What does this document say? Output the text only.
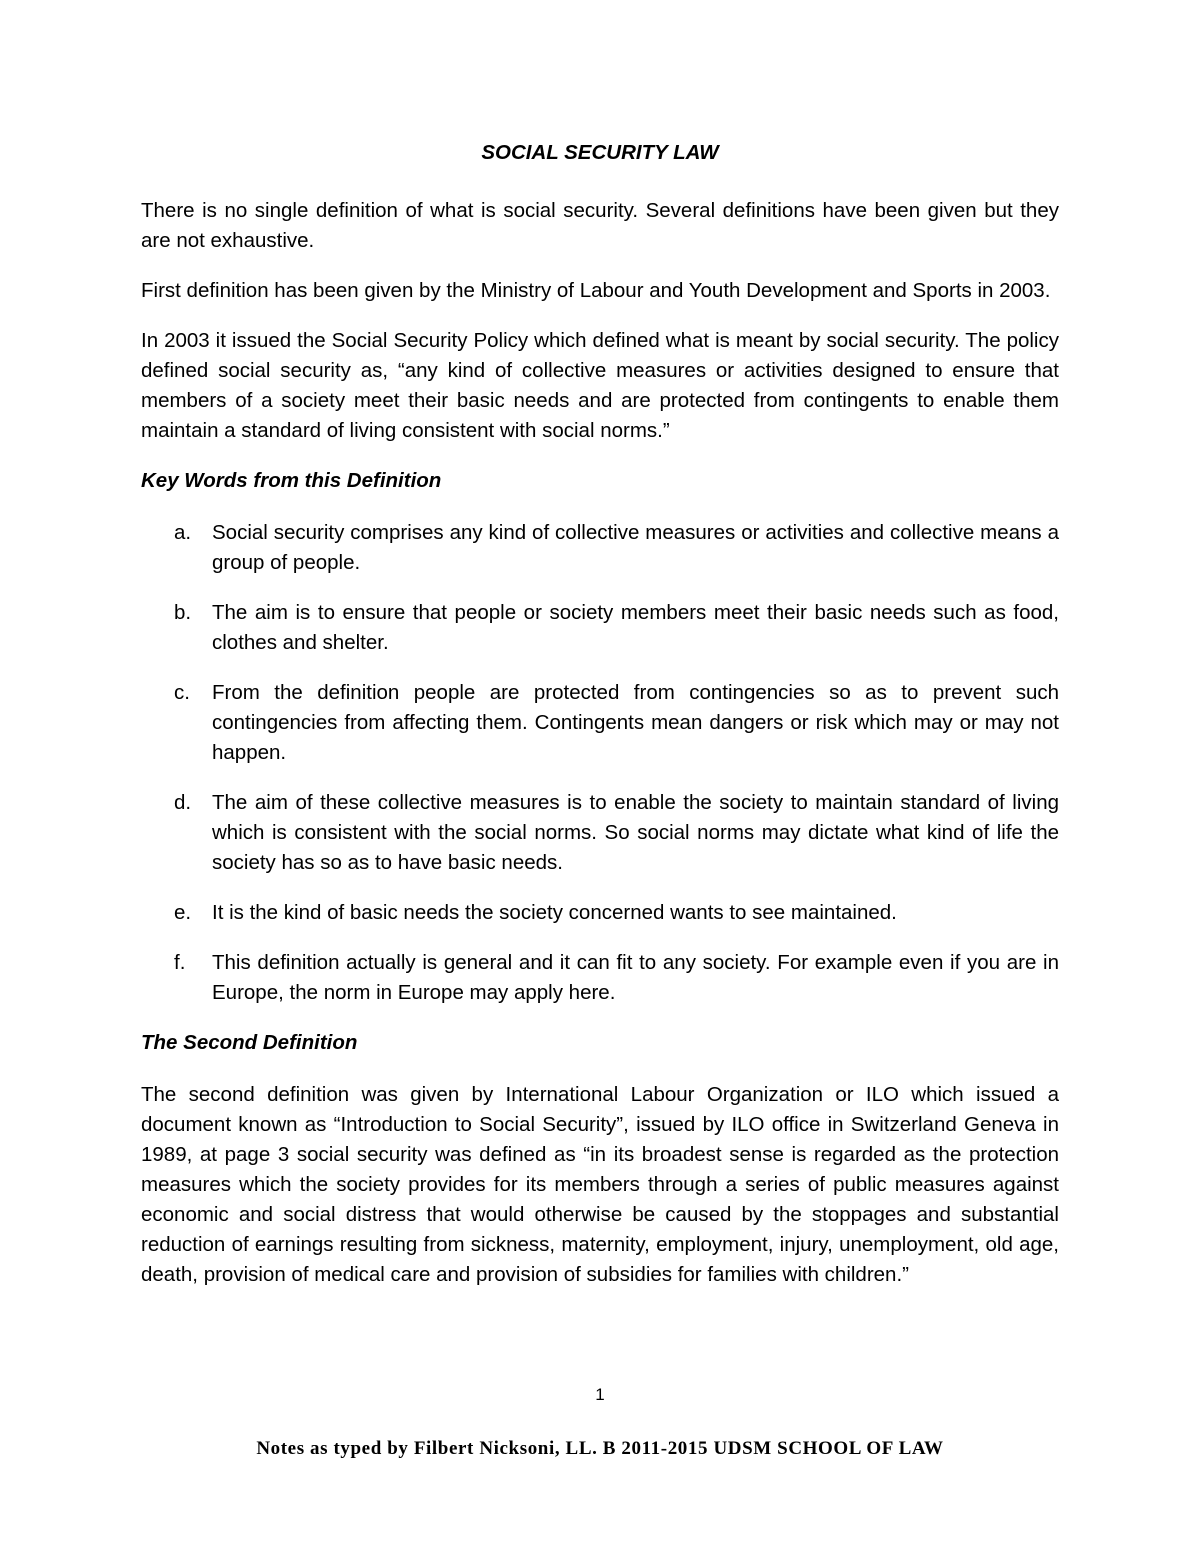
SOCIAL SECURITY LAW

There is no single definition of what is social security. Several definitions have been given but they are not exhaustive.

First definition has been given by the Ministry of Labour and Youth Development and Sports in 2003.

In 2003 it issued the Social Security Policy which defined what is meant by social security. The policy defined social security as, “any kind of collective measures or activities designed to ensure that members of a society meet their basic needs and are protected from contingents to enable them maintain a standard of living consistent with social norms.”

Key Words from this Definition
a.	Social security comprises any kind of collective measures or activities and collective means a group of people.
b.	The aim is to ensure that people or society members meet their basic needs such as food, clothes and shelter.
c.	From the definition people are protected from contingencies so as to prevent such contingencies from affecting them. Contingents mean dangers or risk which may or may not happen.
d.	The aim of these collective measures is to enable the society to maintain standard of living which is consistent with the social norms. So social norms may dictate what kind of life the society has so as to have basic needs.
e.	It is the kind of basic needs the society concerned wants to see maintained.
f.	This definition actually is general and it can fit to any society. For example even if you are in Europe, the norm in Europe may apply here.
The Second Definition

The second definition was given by International Labour Organization or ILO which issued a document known as “Introduction to Social Security”, issued by ILO office in Switzerland Geneva in 1989, at page 3 social security was defined as “in its broadest sense is regarded as the protection measures which the society provides for its members through a series of public measures against economic and social distress that would otherwise be caused by the stoppages and substantial reduction of earnings resulting from sickness, maternity, employment, injury, unemployment, old age, death, provision of medical care and provision of subsidies for families with children.”

1
Notes as typed by Filbert Nicksoni, LL. B 2011-2015 UDSM SCHOOL OF LAW
